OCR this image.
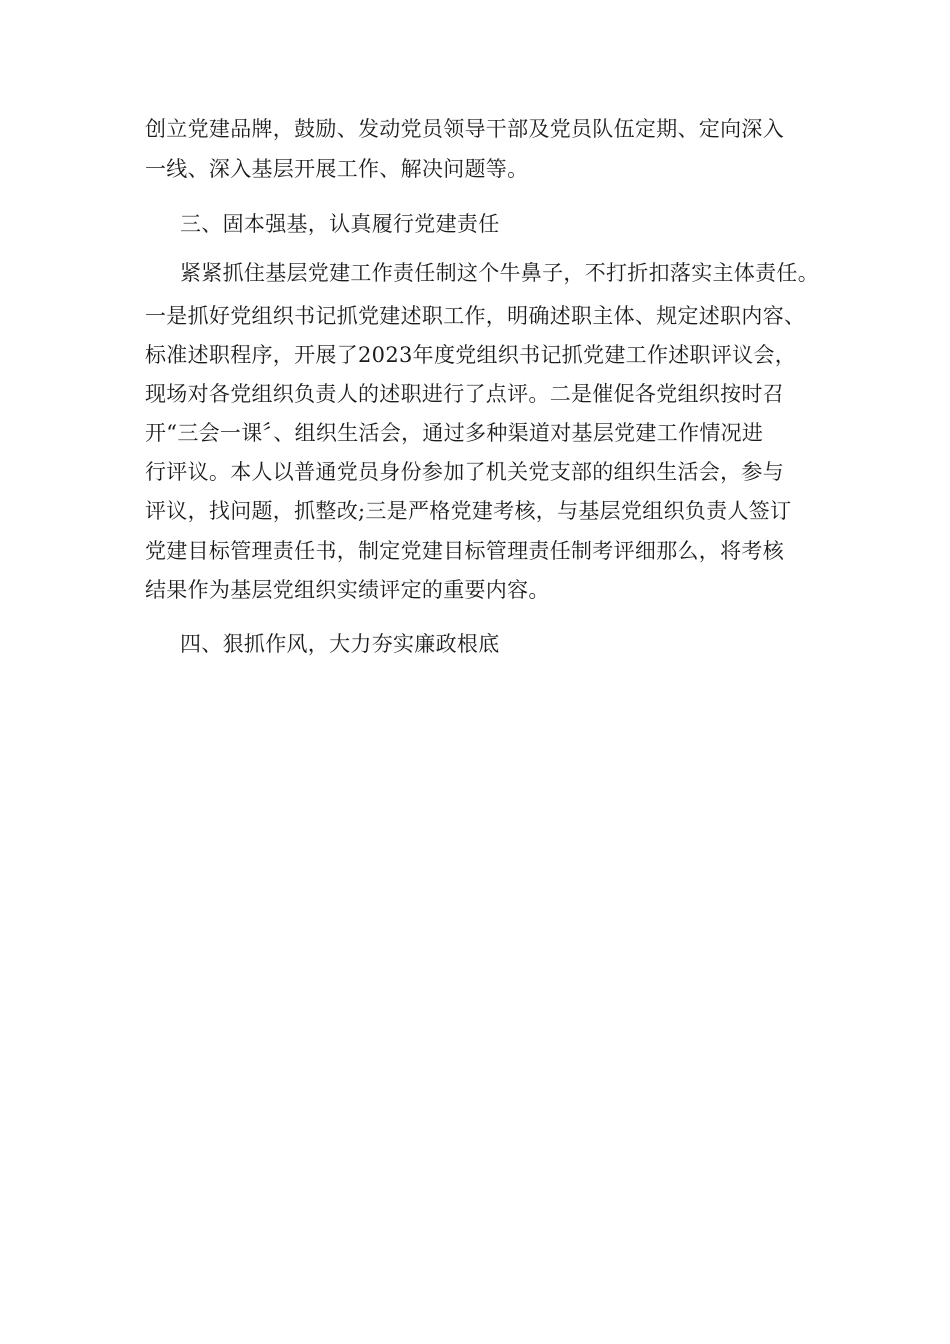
创立党建品牌，鼓励、发动党员领导干部及党员队伍定期、定向深入
一线、深入基层开展工作、解决问题等。
三、固本强基，认真履行党建责任
紧紧抓住基层党建工作责任制这个牛鼻子，不打折扣落实主体责任。
一是抓好党组织书记抓党建述职工作，明确述职主体、规定述职内容、
标准述职程序，开展了2023年度党组织书记抓党建工作述职评议会，
现场对各党组织负责人的述职进行了点评。二是催促各党组织按时召
开“三会一课〞、组织生活会，通过多种渠道对基层党建工作情况进
行评议。本人以普通党员身份参加了机关党支部的组织生活会，参与
评议，找问题，抓整改;三是严格党建考核，与基层党组织负责人签订
党建目标管理责任书，制定党建目标管理责任制考评细那么，将考核
结果作为基层党组织实绩评定的重要内容。
四、狠抓作风，大力夯实廉政根底
